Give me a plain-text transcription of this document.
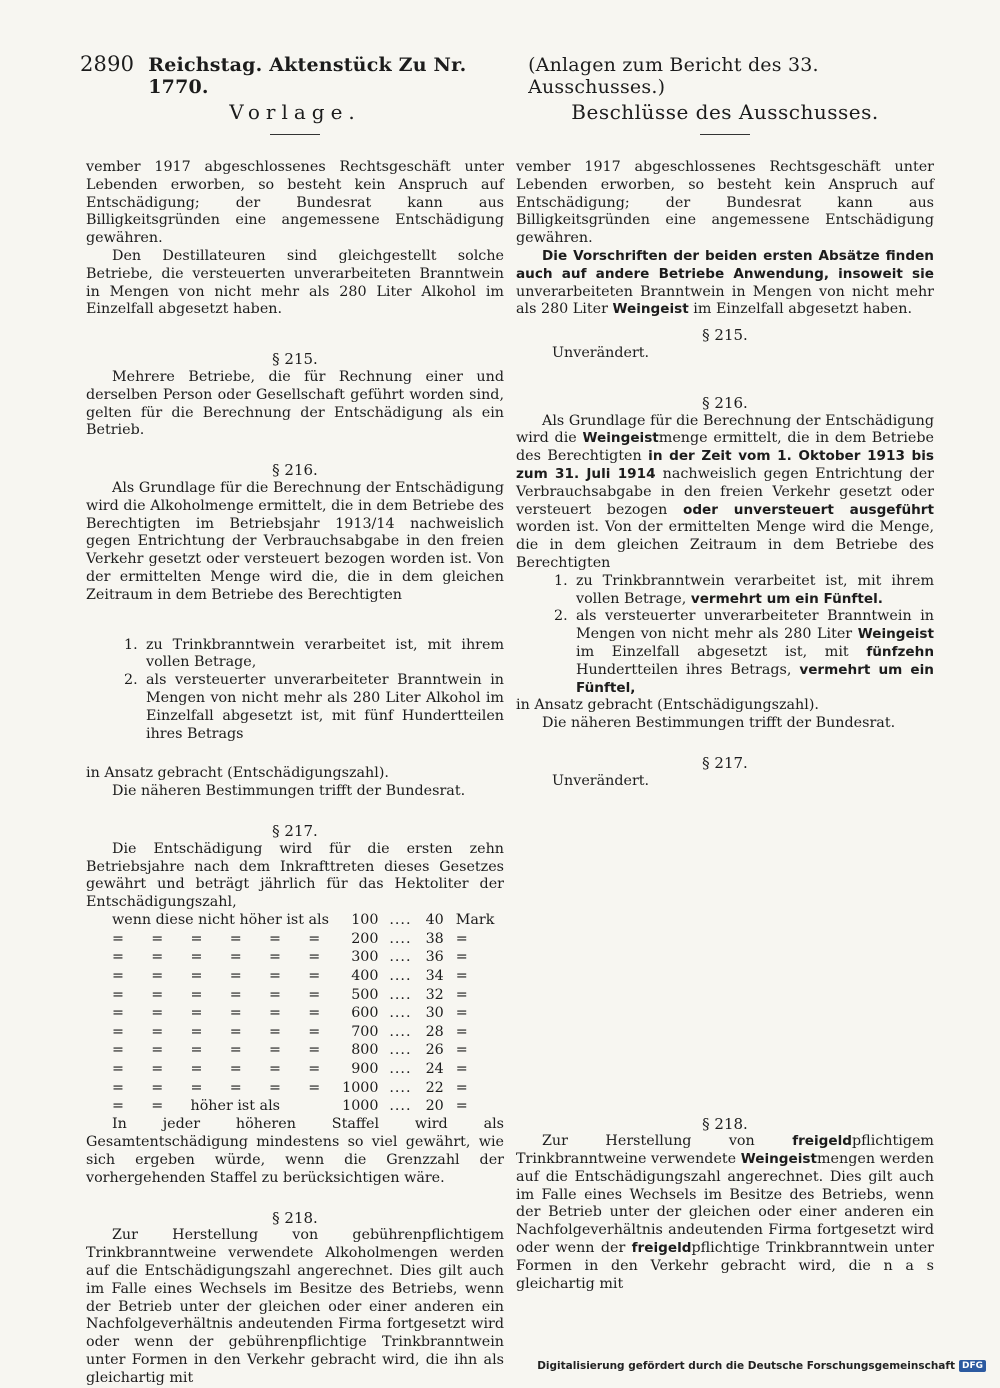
2890 Reichstag. Aktenstück Zu Nr. 1770.
(Anlagen zum Bericht des 33. Ausschusses.)
Vorlage.

vember 1917 abgeschlossenes Rechtsgeschäft unter Lebenden erworben, so besteht kein Anspruch auf Entschädigung; der Bundesrat kann aus Billigkeitsgründen eine angemessene Entschädigung gewähren.

Den Destillateuren sind gleichgestellt solche Betriebe, die versteuerten unverarbeiteten Branntwein in Mengen von nicht mehr als 280 Liter Alkohol im Einzelfall abgesetzt haben.

§ 215.

Mehrere Betriebe, die für Rechnung einer und derselben Person oder Gesellschaft geführt worden sind, gelten für die Berechnung der Entschädigung als ein Betrieb.

§ 216.

Als Grundlage für die Berechnung der Entschädigung wird die Alkoholmenge ermittelt, die in dem Betriebe des Berechtigten im Betriebsjahr 1913/14 nachweislich gegen Entrichtung der Verbrauchsabgabe in den freien Verkehr gesetzt oder versteuert bezogen worden ist. Von der ermittelten Menge wird die, die in dem gleichen Zeitraum in dem Betriebe des Berechtigten

1. zu Trinkbranntwein verarbeitet ist, mit ihrem vollen Betrage,
2. als versteuerter unverarbeiteter Branntwein in Mengen von nicht mehr als 280 Liter Alkohol im Einzelfall abgesetzt ist, mit fünf Hundertteilen ihres Betrags

in Ansatz gebracht (Entschädigungszahl).

Die näheren Bestimmungen trifft der Bundesrat.

§ 217.

Die Entschädigung wird für die ersten zehn Betriebsjahre nach dem Inkrafttreten dieses Gesetzes gewährt und beträgt jährlich für das Hektoliter der Entschädigungszahl,

wenn diese nicht höher ist als	100	....	40	Mark
=      =      =      =      =      =	200	....	38	=
=      =      =      =      =      =	300	....	36	=
=      =      =      =      =      =	400	....	34	=
=      =      =      =      =      =	500	....	32	=
=      =      =      =      =      =	600	....	30	=
=      =      =      =      =      =	700	....	28	=
=      =      =      =      =      =	800	....	26	=
=      =      =      =      =      =	900	....	24	=
=      =      =      =      =      =	1000	....	22	=
=      =      höher ist als	1000	....	20	=

In jeder höheren Staffel wird als Gesamtentschädigung mindestens so viel gewährt, wie sich ergeben würde, wenn die Grenzzahl der vorhergehenden Staffel zu berücksichtigen wäre.

§ 218.

Zur Herstellung von gebührenpflichtigem Trinkbranntweine verwendete Alkoholmengen werden auf die Entschädigungszahl angerechnet. Dies gilt auch im Falle eines Wechsels im Besitze des Betriebs, wenn der Betrieb unter der gleichen oder einer anderen ein Nachfolgeverhältnis andeutenden Firma fortgesetzt wird oder wenn der gebührenpflichtige Trinkbranntwein unter Formen in den Verkehr gebracht wird, die ihn als gleichartig mit

Beschlüsse des Ausschusses.

vember 1917 abgeschlossenes Rechtsgeschäft unter Lebenden erworben, so besteht kein Anspruch auf Entschädigung; der Bundesrat kann aus Billigkeitsgründen eine angemessene Entschädigung gewähren.

Die Vorschriften der beiden ersten Absätze finden auch auf andere Betriebe Anwendung, insoweit sie unverarbeiteten Branntwein in Mengen von nicht mehr als 280 Liter Weingeist im Einzelfall abgesetzt haben.

§ 215.

Unverändert.

§ 216.

Als Grundlage für die Berechnung der Entschädigung wird die Weingeistmenge ermittelt, die in dem Betriebe des Berechtigten in der Zeit vom 1. Oktober 1913 bis zum 31. Juli 1914 nachweislich gegen Entrichtung der Verbrauchsabgabe in den freien Verkehr gesetzt oder versteuert bezogen oder unversteuert ausgeführt worden ist. Von der ermittelten Menge wird die Menge, die in dem gleichen Zeitraum in dem Betriebe des Berechtigten

1. zu Trinkbranntwein verarbeitet ist, mit ihrem vollen Betrage, vermehrt um ein Fünftel.
2. als versteuerter unverarbeiteter Branntwein in Mengen von nicht mehr als 280 Liter Weingeist im Einzelfall abgesetzt ist, mit fünfzehn Hundertteilen ihres Betrags, vermehrt um ein Fünftel,

in Ansatz gebracht (Entschädigungszahl).

Die näheren Bestimmungen trifft der Bundesrat.

§ 217.

Unverändert.

§ 218.

Zur Herstellung von freigeldpflichtigem Trinkbranntweine verwendete Weingeistmengen werden auf die Entschädigungszahl angerechnet. Dies gilt auch im Falle eines Wechsels im Besitze des Betriebs, wenn der Betrieb unter der gleichen oder einer anderen ein Nachfolgeverhältnis andeutenden Firma fortgesetzt wird oder wenn der freigeldpflichtige Trinkbranntwein unter Formen in den Verkehr gebracht wird, die n a s gleichartig mit

Digitalisierung gefördert durch die Deutsche Forschungsgemeinschaft DFG
